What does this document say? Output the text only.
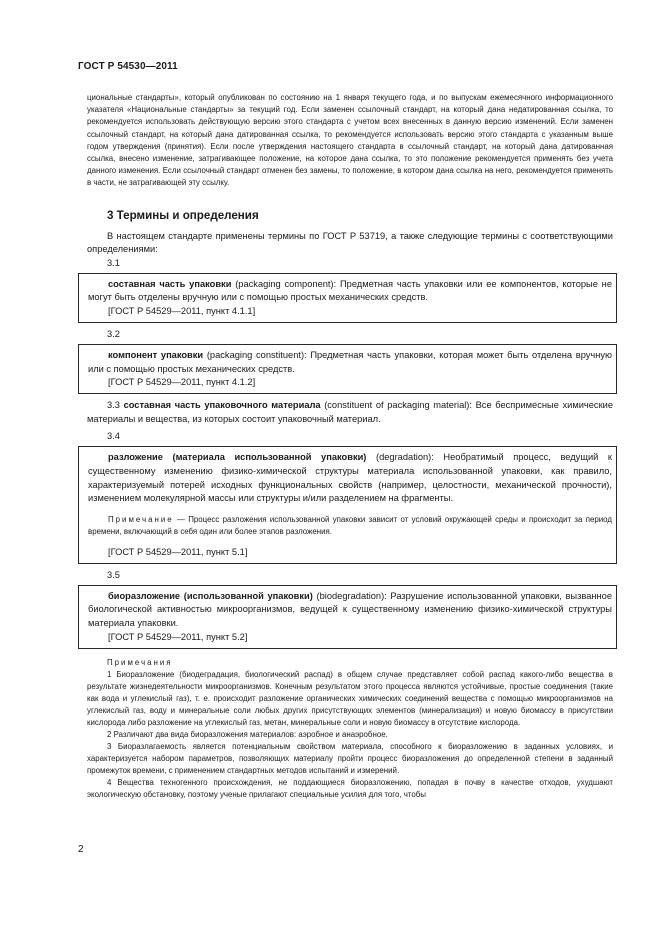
ГОСТ Р 54530—2011

циональные стандарты», который опубликован по состоянию на 1 января текущего года, и по выпускам ежемесячного информационного указателя «Национальные стандарты» за текущий год. Если заменен ссылочный стандарт, на который дана недатированная ссылка, то рекомендуется использовать действующую версию этого стандарта с учетом всех внесенных в данную версию изменений. Если заменен ссылочный стандарт, на который дана датированная ссылка, то рекомендуется использовать версию этого стандарта с указанным выше годом утверждения (принятия). Если после утверждения настоящего стандарта в ссылочный стандарт, на который дана датированная ссылка, внесено изменение, затрагивающее положение, на которое дана ссылка, то это положение рекомендуется применять без учета данного изменения. Если ссылочный стандарт отменен без замены, то положение, в котором дана ссылка на него, рекомендуется применять в части, не затрагивающей эту ссылку.

3 Термины и определения

В настоящем стандарте применены термины по ГОСТ Р 53719, а также следующие термины с соответствующими определениями:

3.1

составная часть упаковки (packaging component): Предметная часть упаковки или ее компонентов, которые не могут быть отделены вручную или с помощью простых механических средств.

[ГОСТ Р 54529—2011, пункт 4.1.1]
3.2

компонент упаковки (packaging constituent): Предметная часть упаковки, которая может быть отделена вручную или с помощью простых механических средств.

[ГОСТ Р 54529—2011, пункт 4.1.2]

3.3 составная часть упаковочного материала (constituent of packaging material): Все беспримесные химические материалы и вещества, из которых состоит упаковочный материал.

3.4

разложение (материала использованной упаковки) (degradation): Необратимый процесс, ведущий к существенному изменению физико-химической структуры материала использованной упаковки, как правило, характеризуемый потерей исходных функциональных свойств (например, целостности, механической прочности), изменением молекулярной массы или структуры и/или разделением на фрагменты.

Примечание — Процесс разложения использованной упаковки зависит от условий окружающей среды и происходит за период времени, включающий в себя один или более этапов разложения.

[ГОСТ Р 54529—2011, пункт 5.1]
3.5

биоразложение (использованной упаковки) (biodegradation): Разрушение использованной упаковки, вызванное биологической активностью микроорганизмов, ведущей к существенному изменению физико-химической структуры материала упаковки.

[ГОСТ Р 54529—2011, пункт 5.2]

Примечания

1 Биоразложение (биодеградация, биологический распад) в общем случае представляет собой распад какого-либо вещества в результате жизнедеятельности микроорганизмов. Конечным результатом этого процесса являются устойчивые, простые соединения (такие как вода и углекислый газ), т. е. происходит разложение органических химических соединений вещества с помощью микроорганизмов на углекислый газ, воду и минеральные соли любых других присутствующих элементов (минерализация) и новую биомассу в присутствии кислорода либо разложение на углекислый газ, метан, минеральные соли и новую биомассу в отсутствие кислорода.

2 Различают два вида биоразложения материалов: аэробное и анаэробное.

3 Биоразлагаемость является потенциальным свойством материала, способного к биоразложению в заданных условиях, и характеризуется набором параметров, позволяющих материалу пройти процесс биоразложения до определенной степени в заданный промежуток времени, с применением стандартных методов испытаний и измерений.

4 Вещества техногенного происхождения, не поддающиеся биоразложению, попадая в почву в качестве отходов, ухудшают экологическую обстановку, поэтому ученые прилагают специальные усилия для того, чтобы

2
